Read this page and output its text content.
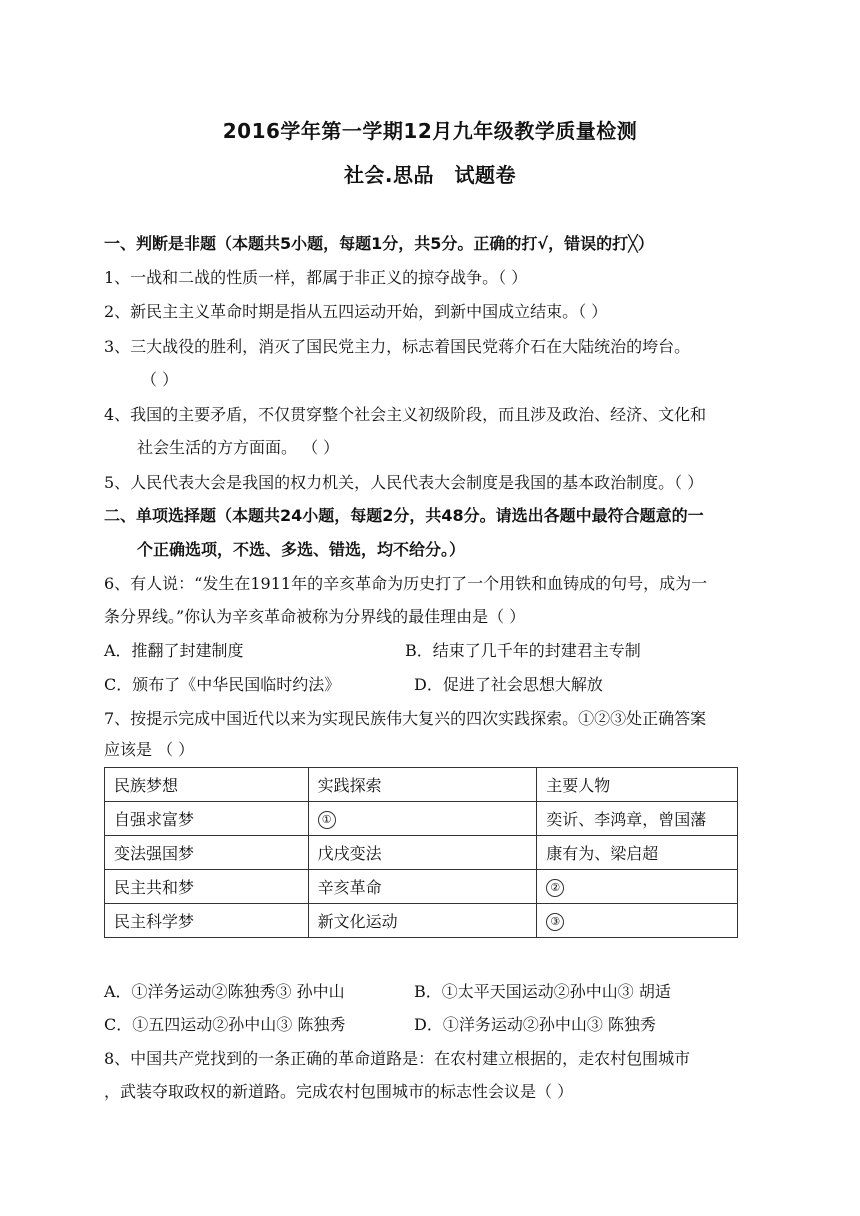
2016学年第一学期12月九年级教学质量检测
社会.思品　试题卷
一、判断是非题（本题共5小题，每题1分，共5分。正确的打√，错误的打╳）
1、一战和二战的性质一样，都属于非正义的掠夺战争。（ ）
2、新民主主义革命时期是指从五四运动开始，到新中国成立结束。（ ）
3、三大战役的胜利，消灭了国民党主力，标志着国民党蒋介石在大陆统治的垮台。
（ ）
4、我国的主要矛盾，不仅贯穿整个社会主义初级阶段，而且涉及政治、经济、文化和
社会生活的方方面面。 （ ）
5、人民代表大会是我国的权力机关，人民代表大会制度是我国的基本政治制度。（ ）
二、单项选择题（本题共24小题，每题2分，共48分。请选出各题中最符合题意的一
个正确选项，不选、多选、错选，均不给分。）
6、有人说：“发生在1911年的辛亥革命为历史打了一个用铁和血铸成的句号，成为一
条分界线。”你认为辛亥革命被称为分界线的最佳理由是（ ）
A．推翻了封建制度	B．结束了几千年的封建君主专制
C．颁布了《中华民国临时约法》	D．促进了社会思想大解放
7、按提示完成中国近代以来为实现民族伟大复兴的四次实践探索。①②③处正确答案
应该是 （ ）
民族梦想	实践探索	主要人物
自强求富梦	①	奕䜣、李鸿章，曾国藩
变法强国梦	戊戌变法	康有为、梁启超
民主共和梦	辛亥革命	②
民主科学梦	新文化运动	③
A．①洋务运动②陈独秀③ 孙中山	B．①太平天国运动②孙中山③ 胡适
C．①五四运动②孙中山③ 陈独秀	D．①洋务运动②孙中山③ 陈独秀
8、中国共产党找到的一条正确的革命道路是：在农村建立根据的，走农村包围城市
，武装夺取政权的新道路。完成农村包围城市的标志性会议是（ ）
